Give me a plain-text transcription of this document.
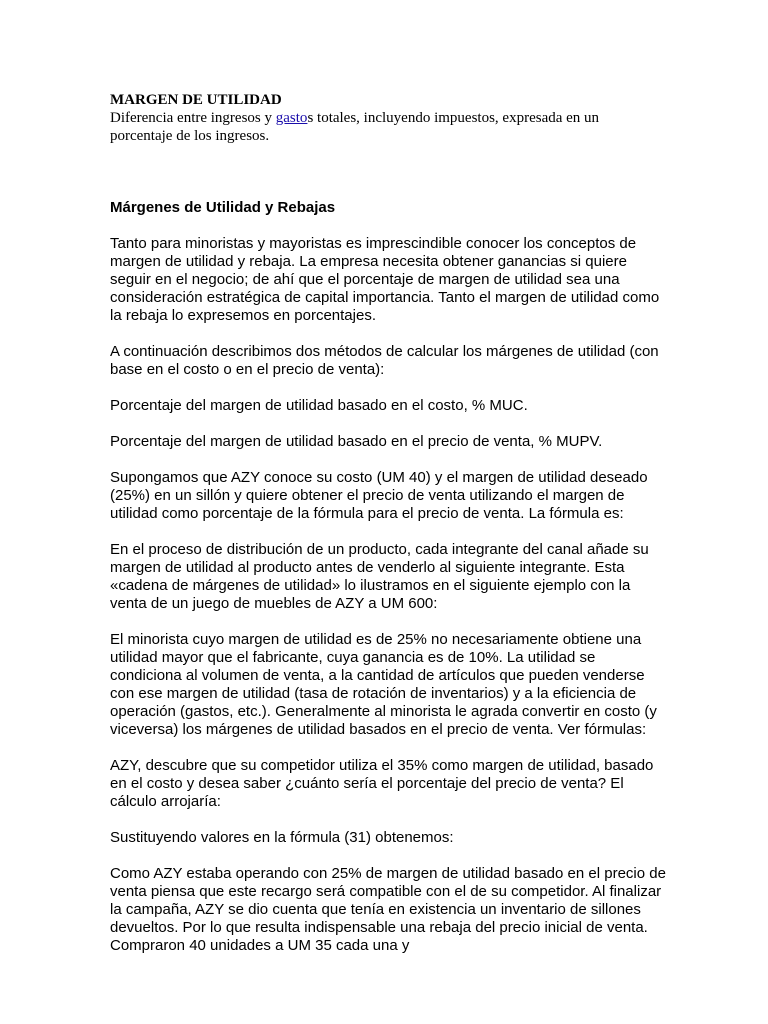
MARGEN DE UTILIDAD

Diferencia entre ingresos y gastos totales, incluyendo impuestos, expresada en un porcentaje de los ingresos.

Márgenes de Utilidad y Rebajas

Tanto para minoristas y mayoristas es imprescindible conocer los conceptos de margen de utilidad y rebaja. La empresa necesita obtener ganancias si quiere seguir en el negocio; de ahí que el porcentaje de margen de utilidad sea una consideración estratégica de capital importancia. Tanto el margen de utilidad como la rebaja lo expresemos en porcentajes.

A continuación describimos dos métodos de calcular los márgenes de utilidad (con base en el costo o en el precio de venta):

Porcentaje del margen de utilidad basado en el costo, % MUC.

Porcentaje del margen de utilidad basado en el precio de venta, % MUPV.

Supongamos que AZY conoce su costo (UM 40) y el margen de utilidad deseado (25%) en un sillón y quiere obtener el precio de venta utilizando el margen de utilidad como porcentaje de la fórmula para el precio de venta. La fórmula es:

En el proceso de distribución de un producto, cada integrante del canal añade su margen de utilidad al producto antes de venderlo al siguiente integrante. Esta «cadena de márgenes de utilidad» lo ilustramos en el siguiente ejemplo con la venta de un juego de muebles de AZY a UM 600:

El minorista cuyo margen de utilidad es de 25% no necesariamente obtiene una utilidad mayor que el fabricante, cuya ganancia es de 10%. La utilidad se condiciona al volumen de venta, a la cantidad de artículos que pueden venderse con ese margen de utilidad (tasa de rotación de inventarios) y a la eficiencia de operación (gastos, etc.). Generalmente al minorista le agrada convertir en costo (y viceversa) los márgenes de utilidad basados en el precio de venta. Ver fórmulas:

AZY, descubre que su competidor utiliza el 35% como margen de utilidad, basado en el costo y desea saber ¿cuánto sería el porcentaje del precio de venta? El cálculo arrojaría:

Sustituyendo valores en la fórmula (31) obtenemos:

Como AZY estaba operando con 25% de margen de utilidad basado en el precio de venta piensa que este recargo será compatible con el de su competidor. Al finalizar la campaña, AZY se dio cuenta que tenía en existencia un inventario de sillones devueltos. Por lo que resulta indispensable una rebaja del precio inicial de venta. Compraron 40 unidades a UM 35 cada una y
